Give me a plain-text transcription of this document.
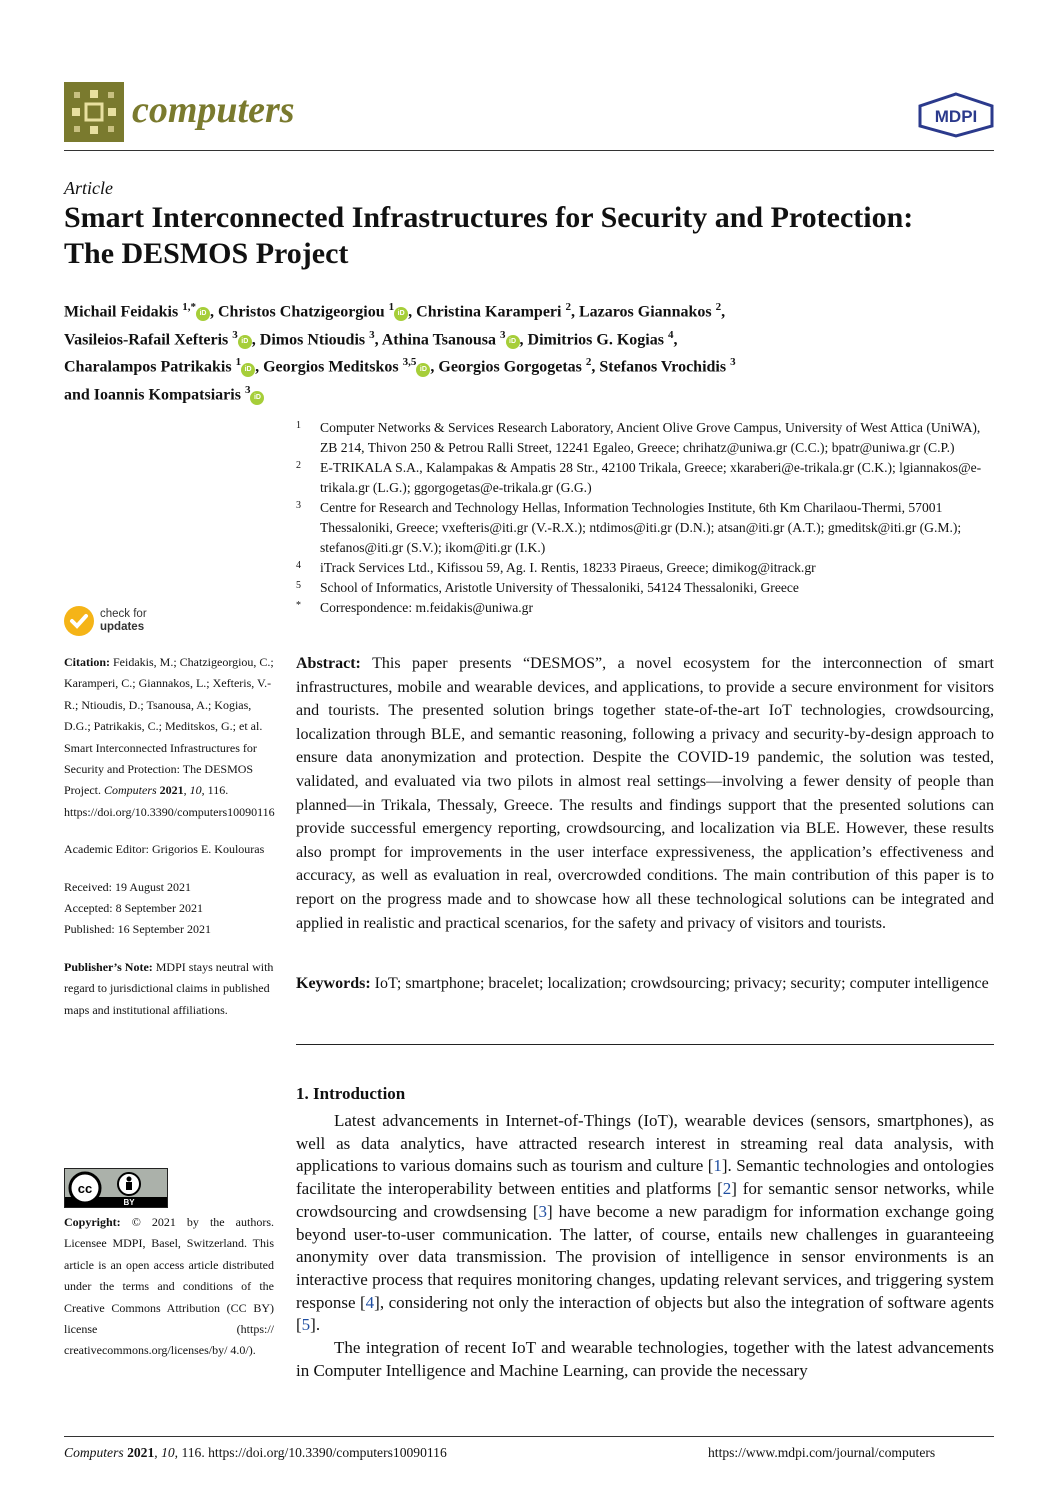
computers	MDPI
Article
Smart Interconnected Infrastructures for Security and Protection: The DESMOS Project
Michail Feidakis $^{1,*}$iD , Christos Chatzigeorgiou $^1$iD , Christina Karamperi $^2$, Lazaros Giannakos $^2$,
Vasileios-Rafail Xefteris $^3$iD , Dimos Ntioudis $^3$, Athina Tsanousa $^3$iD , Dimitrios G. Kogias $^4$,
Charalampos Patrikakis $^1$iD , Georgios Meditskos $^{3,5}$iD , Georgios Gorgogetas $^2$, Stefanos Vrochidis $^3$
and Ioannis Kompatsiaris $^3$iD
1 Computer Networks & Services Research Laboratory, Ancient Olive Grove Campus, University of West Attica (UniWA), ZB 214, Thivon 250 & Petrou Ralli Street, 12241 Egaleo, Greece; chrihatz@uniwa.gr (C.C.); bpatr@uniwa.gr (C.P.)
2 E-TRIKALA S.A., Kalampakas & Ampatis 28 Str., 42100 Trikala, Greece; xkaraberi@e-trikala.gr (C.K.); lgiannakos@e-trikala.gr (L.G.); ggorgogetas@e-trikala.gr (G.G.)
3 Centre for Research and Technology Hellas, Information Technologies Institute, 6th Km Charilaou-Thermi, 57001 Thessaloniki, Greece; vxefteris@iti.gr (V.-R.X.); ntdimos@iti.gr (D.N.); atsan@iti.gr (A.T.); gmeditsk@iti.gr (G.M.); stefanos@iti.gr (S.V.); ikom@iti.gr (I.K.)
4 iTrack Services Ltd., Kifissou 59, Ag. I. Rentis, 18233 Piraeus, Greece; dimikog@itrack.gr
5 School of Informatics, Aristotle University of Thessaloniki, 54124 Thessaloniki, Greece
* Correspondence: m.feidakis@uniwa.gr
check for
updates
Citation: Feidakis, M.; Chatzigeorgiou, C.; Karamperi, C.; Giannakos, L.; Xefteris, V.-R.; Ntioudis, D.; Tsanousa, A.; Kogias, D.G.; Patrikakis, C.; Meditskos, G.; et al. Smart Interconnected Infrastructures for Security and Protection: The DESMOS Project. Computers 2021, 10, 116. https://doi.org/10.3390/computers10090116
Academic Editor: Grigorios E. Koulouras

Received: 19 August 2021

Accepted: 8 September 2021

Published: 16 September 2021

Publisher’s Note: MDPI stays neutral with regard to jurisdictional claims in published maps and institutional affiliations.
cc
BY
Copyright: © 2021 by the authors. Licensee MDPI, Basel, Switzerland. This article is an open access article distributed under the terms and conditions of the Creative Commons Attribution (CC BY) license (https:// creativecommons.org/licenses/by/ 4.0/).
Abstract: This paper presents “DESMOS”, a novel ecosystem for the interconnection of smart infrastructures, mobile and wearable devices, and applications, to provide a secure environment for visitors and tourists. The presented solution brings together state-of-the-art IoT technologies, crowdsourcing, localization through BLE, and semantic reasoning, following a privacy and security-by-design approach to ensure data anonymization and protection. Despite the COVID-19 pandemic, the solution was tested, validated, and evaluated via two pilots in almost real settings—involving a fewer density of people than planned—in Trikala, Thessaly, Greece. The results and findings support that the presented solutions can provide successful emergency reporting, crowdsourcing, and localization via BLE. However, these results also prompt for improvements in the user interface expressiveness, the application’s effectiveness and accuracy, as well as evaluation in real, overcrowded conditions. The main contribution of this paper is to report on the progress made and to showcase how all these technological solutions can be integrated and applied in realistic and practical scenarios, for the safety and privacy of visitors and tourists.
Keywords: IoT; smartphone; bracelet; localization; crowdsourcing; privacy; security; computer intelligence
1. Introduction

Latest advancements in Internet-of-Things (IoT), wearable devices (sensors, smartphones), as well as data analytics, have attracted research interest in streaming real data analysis, with applications to various domains such as tourism and culture [1]. Semantic technologies and ontologies facilitate the interoperability between entities and platforms [2] for semantic sensor networks, while crowdsourcing and crowdsensing [3] have become a new paradigm for information exchange going beyond user-to-user communication. The latter, of course, entails new challenges in guaranteeing anonymity over data transmission. The provision of intelligence in sensor environments is an interactive process that requires monitoring changes, updating relevant services, and triggering system response [4], considering not only the interaction of objects but also the integration of software agents [5].

The integration of recent IoT and wearable technologies, together with the latest advancements in Computer Intelligence and Machine Learning, can provide the necessary

Computers 2021, 10, 116. https://doi.org/10.3390/computers10090116	https://www.mdpi.com/journal/computers
